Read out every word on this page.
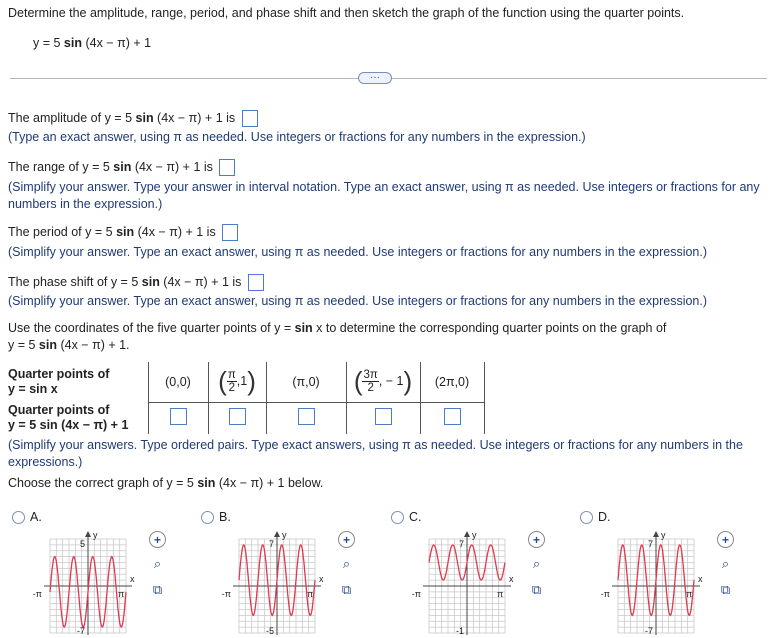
Determine the amplitude, range, period, and phase shift and then sketch the graph of the function using the quarter points.
y = 5 sin (4x − π) + 1
···
The amplitude of y = 5 sin (4x − π) + 1 is
(Type an exact answer, using π as needed. Use integers or fractions for any numbers in the expression.)
The range of y = 5 sin (4x − π) + 1 is
(Simplify your answer. Type your answer in interval notation. Type an exact answer, using π as needed. Use integers or fractions for any numbers in the expression.)
The period of y = 5 sin (4x − π) + 1 is
(Simplify your answer. Type an exact answer, using π as needed. Use integers or fractions for any numbers in the expression.)
The phase shift of y = 5 sin (4x − π) + 1 is
(Simplify your answer. Type an exact answer, using π as needed. Use integers or fractions for any numbers in the expression.)
Use the coordinates of the five quarter points of y = sin x to determine the corresponding quarter points on the graph of
y = 5 sin (4x − π) + 1.
Quarter points of
y = sin x	(0,0)	( $\frac{\pi}{2} ,1$)	(π,0)	( $\frac{3\pi}{2}$ , − 1)	(2π,0)
Quarter points of
y = 5 sin (4x − π) + 1					
(Simplify your answers. Type ordered pairs. Type exact answers, using π as needed. Use integers or fractions for any numbers in the expressions.)
Choose the correct graph of y = 5 sin (4x − π) + 1 below.
A.
y
5
-7
-π	π
x
+
⌕
⧉
B.
y
7
-5
-π	π
x
+
⌕
⧉
C.
y
7
-1
-π	π
x
+
⌕
⧉
D.
y
7
-7
-π	π
x
+
⌕
⧉
